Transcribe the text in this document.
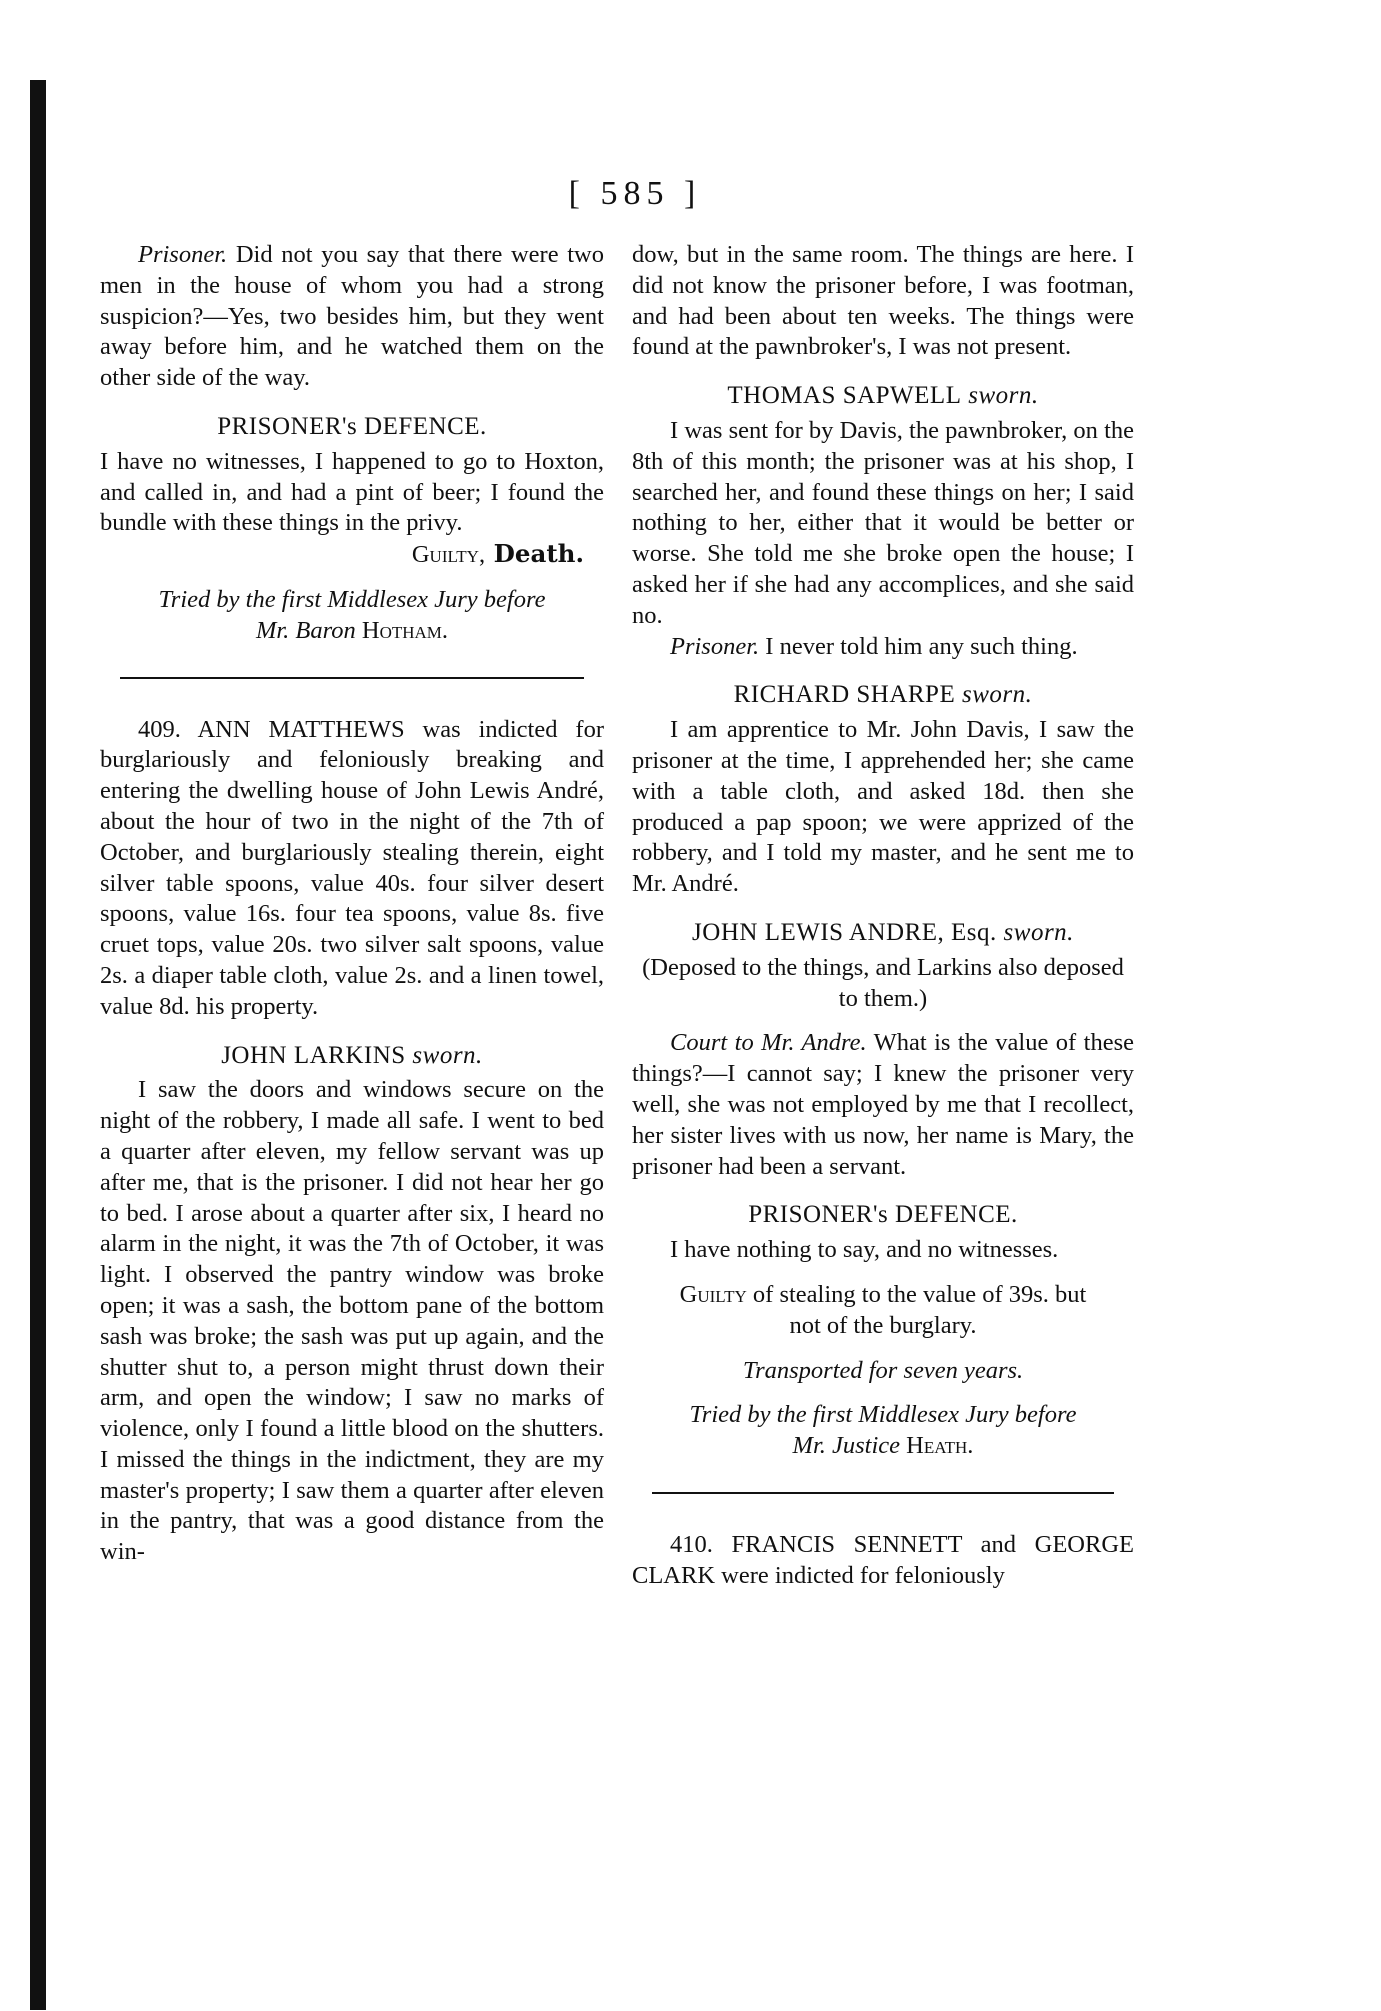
[ 585 ]

Prisoner. Did not you say that there were two men in the house of whom you had a strong suspicion?—Yes, two besides him, but they went away before him, and he watched them on the other side of the way.

PRISONER's DEFENCE.

I have no witnesses, I happened to go to Hoxton, and called in, and had a pint of beer; I found the bundle with these things in the privy.

Guilty, Death.

Tried by the first Middlesex Jury before
Mr. Baron Hotham.

409. ANN MATTHEWS was indicted for burglariously and feloniously breaking and entering the dwelling house of John Lewis André, about the hour of two in the night of the 7th of October, and burglariously stealing therein, eight silver table spoons, value 40s. four silver desert spoons, value 16s. four tea spoons, value 8s. five cruet tops, value 20s. two silver salt spoons, value 2s. a diaper table cloth, value 2s. and a linen towel, value 8d. his property.

JOHN LARKINS sworn.

I saw the doors and windows secure on the night of the robbery, I made all safe. I went to bed a quarter after eleven, my fellow servant was up after me, that is the prisoner. I did not hear her go to bed. I arose about a quarter after six, I heard no alarm in the night, it was the 7th of October, it was light. I observed the pantry window was broke open; it was a sash, the bottom pane of the bottom sash was broke; the sash was put up again, and the shutter shut to, a person might thrust down their arm, and open the window; I saw no marks of violence, only I found a little blood on the shutters. I missed the things in the indictment, they are my master's property; I saw them a quarter after eleven in the pantry, that was a good distance from the win-

dow, but in the same room. The things are here. I did not know the prisoner before, I was footman, and had been about ten weeks. The things were found at the pawnbroker's, I was not present.

THOMAS SAPWELL sworn.

I was sent for by Davis, the pawnbroker, on the 8th of this month; the prisoner was at his shop, I searched her, and found these things on her; I said nothing to her, either that it would be better or worse. She told me she broke open the house; I asked her if she had any accomplices, and she said no.

Prisoner. I never told him any such thing.

RICHARD SHARPE sworn.

I am apprentice to Mr. John Davis, I saw the prisoner at the time, I apprehended her; she came with a table cloth, and asked 18d. then she produced a pap spoon; we were apprized of the robbery, and I told my master, and he sent me to Mr. André.

JOHN LEWIS ANDRE, Esq. sworn.

(Deposed to the things, and Larkins also deposed to them.)

Court to Mr. Andre. What is the value of these things?—I cannot say; I knew the prisoner very well, she was not employed by me that I recollect, her sister lives with us now, her name is Mary, the prisoner had been a servant.

PRISONER's DEFENCE.

I have nothing to say, and no witnesses.

Guilty of stealing to the value of 39s. but not of the burglary.

Transported for seven years.

Tried by the first Middlesex Jury before
Mr. Justice Heath.

410. FRANCIS SENNETT and GEORGE CLARK were indicted for feloniously
